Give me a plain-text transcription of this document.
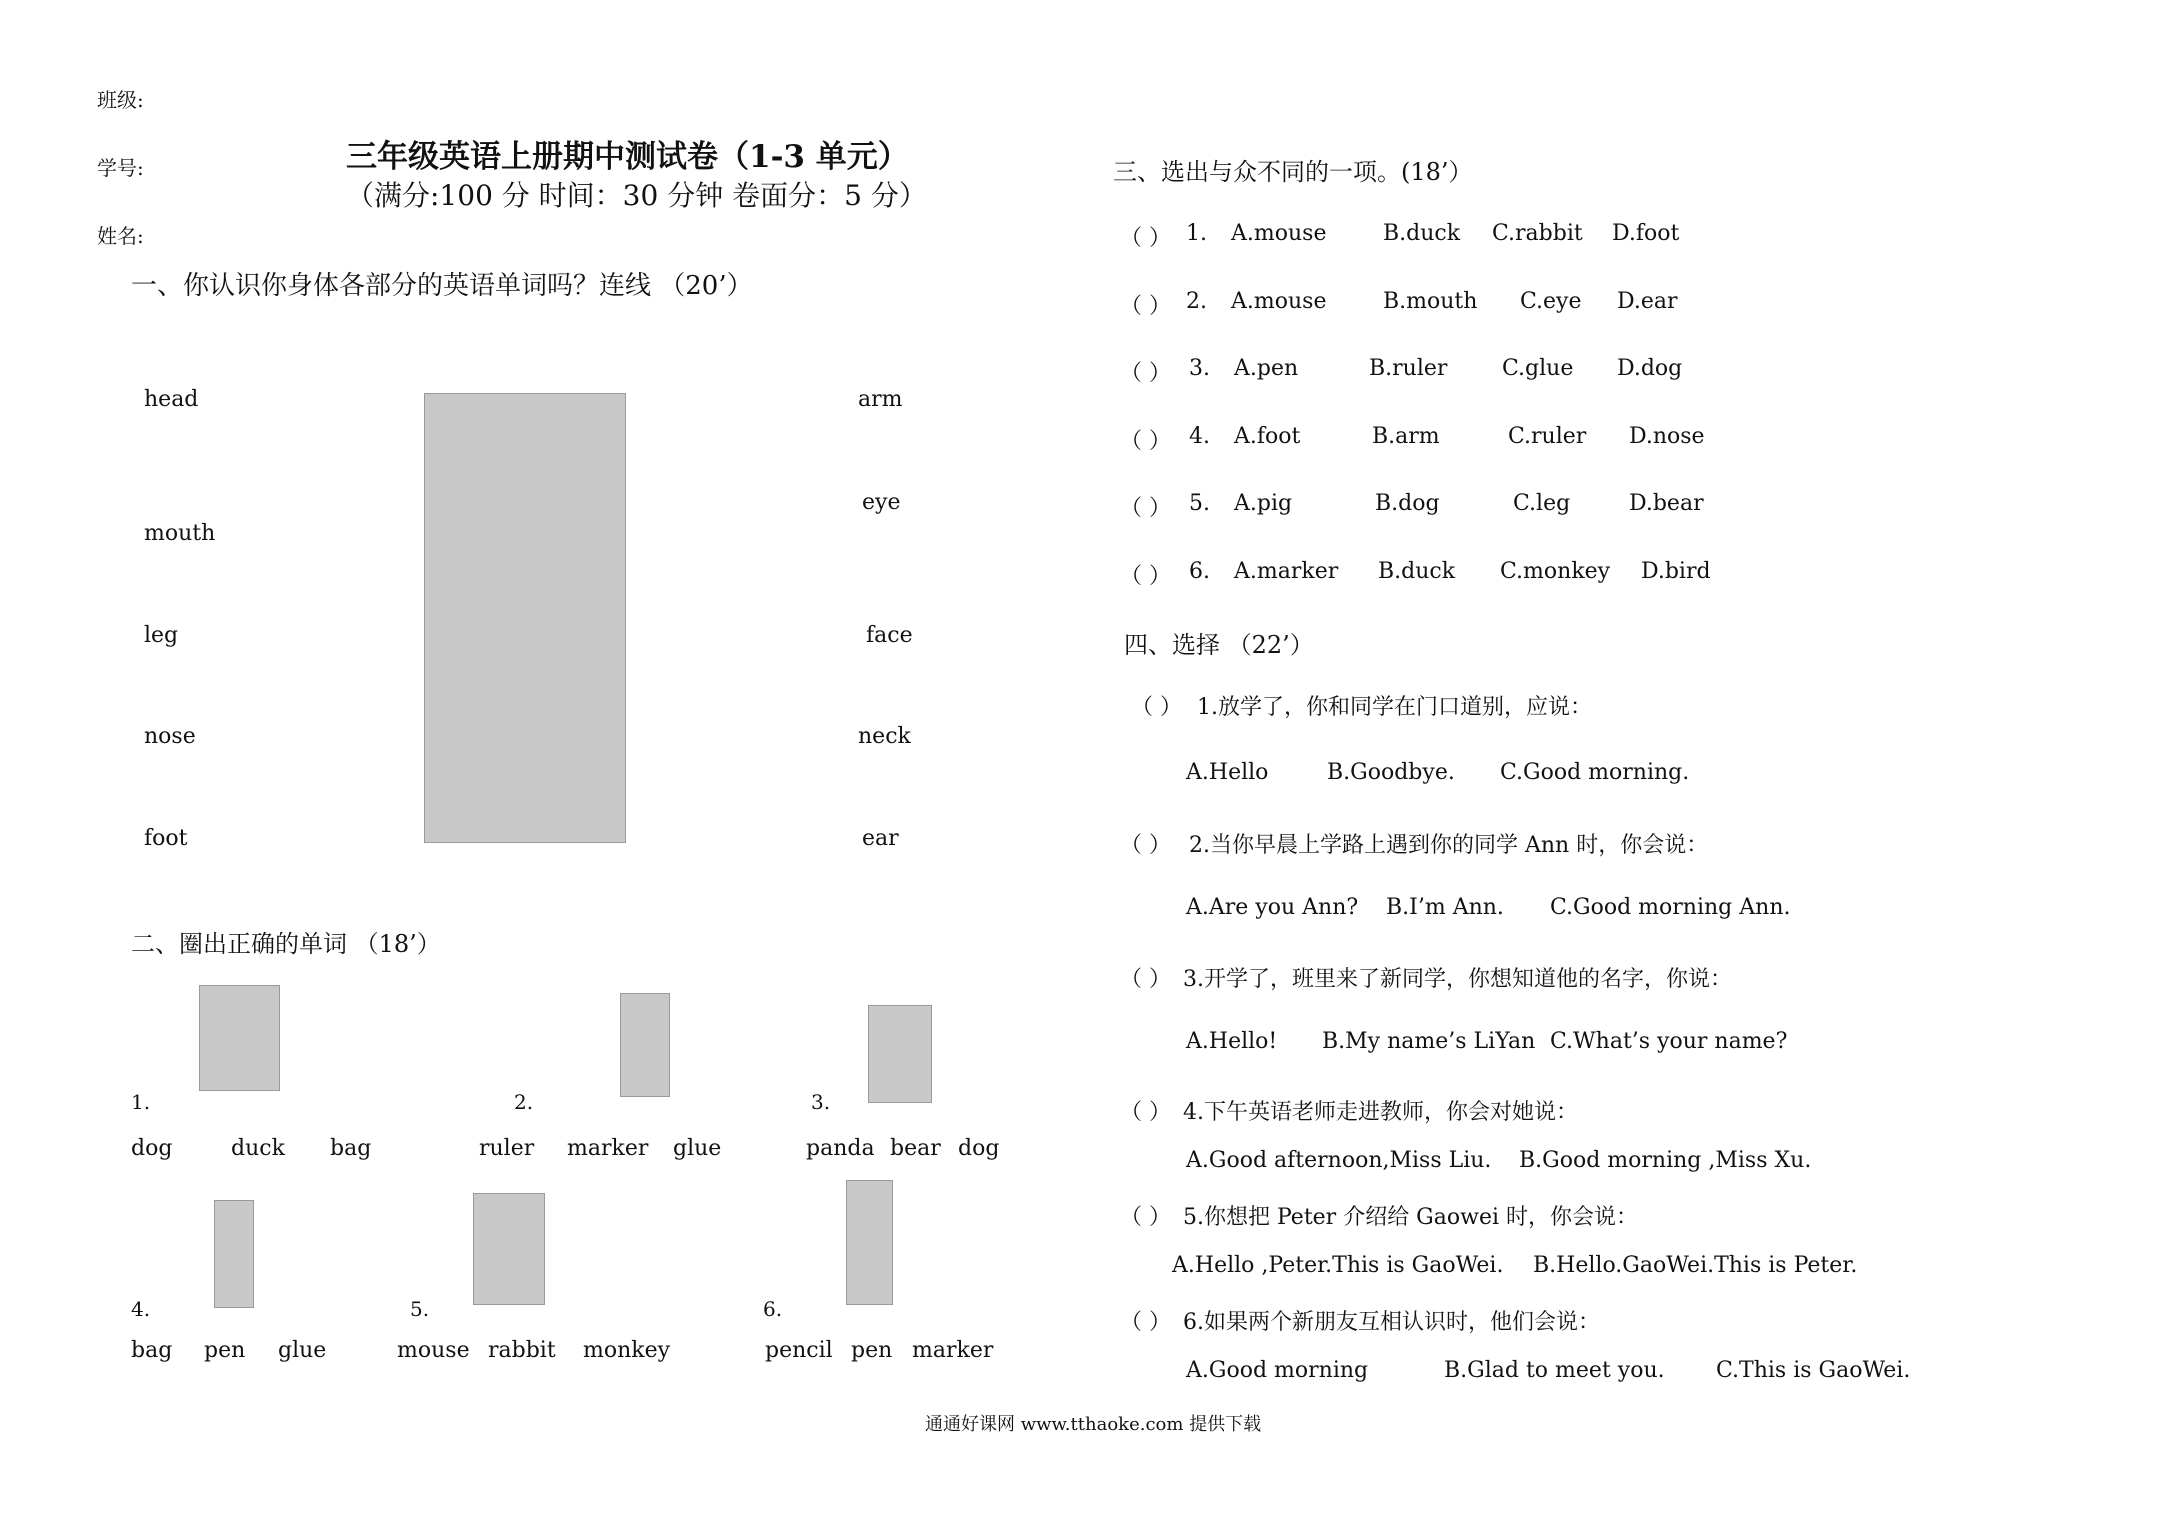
班级:
学号:
姓名:
三年级英语上册期中测试卷（1-3 单元）
（满分:100 分 时间：30 分钟 卷面分：5 分）
一、你认识你身体各部分的英语单词吗？连线 （20’）
head
mouth
leg
nose
foot
arm
eye
face
neck
ear
二、圈出正确的单词 （18’）
1.	2.	3.
dog	duck bag	ruler marker glue	panda bear dog
4.	5.	6.
bag pen glue	mouse rabbit monkey	pencil pen marker
三、选出与众不同的一项。(18’）
（ ） 1. A.mouse	B.duck C.rabbit D.foot
（ ） 2. A.mouse	B.mouth C.eye D.ear
（ ） 3. A.pen	B.ruler C.glue D.dog
（ ） 4. A.foot	B.arm	C.ruler D.nose
（ ） 5. A.pig	B.dog	C.leg	D.bear
（ ） 6. A.marker B.duck C.monkey D.bird
四、选择 （22’）
（ ） 1.放学了，你和同学在门口道别，应说：
A.Hello	B.Goodbye. C.Good morning.
（ ） 2.当你早晨上学路上遇到你的同学 Ann 时，你会说：
A.Are you Ann? B.I’m Ann. C.Good morning Ann.
（ ） 3.开学了，班里来了新同学，你想知道他的名字，你说：
A.Hello! B.My name’s LiYan C.What’s your name?
（ ） 4.下午英语老师走进教师，你会对她说：
A.Good afternoon,Miss Liu. B.Good morning ,Miss Xu.
（ ） 5.你想把 Peter 介绍给 Gaowei 时，你会说：
A.Hello ,Peter.This is GaoWei. B.Hello.GaoWei.This is Peter.
（ ） 6.如果两个新朋友互相认识时，他们会说：
A.Good morning	B.Glad to meet you. C.This is GaoWei.
通通好课网 www.tthaoke.com 提供下载
